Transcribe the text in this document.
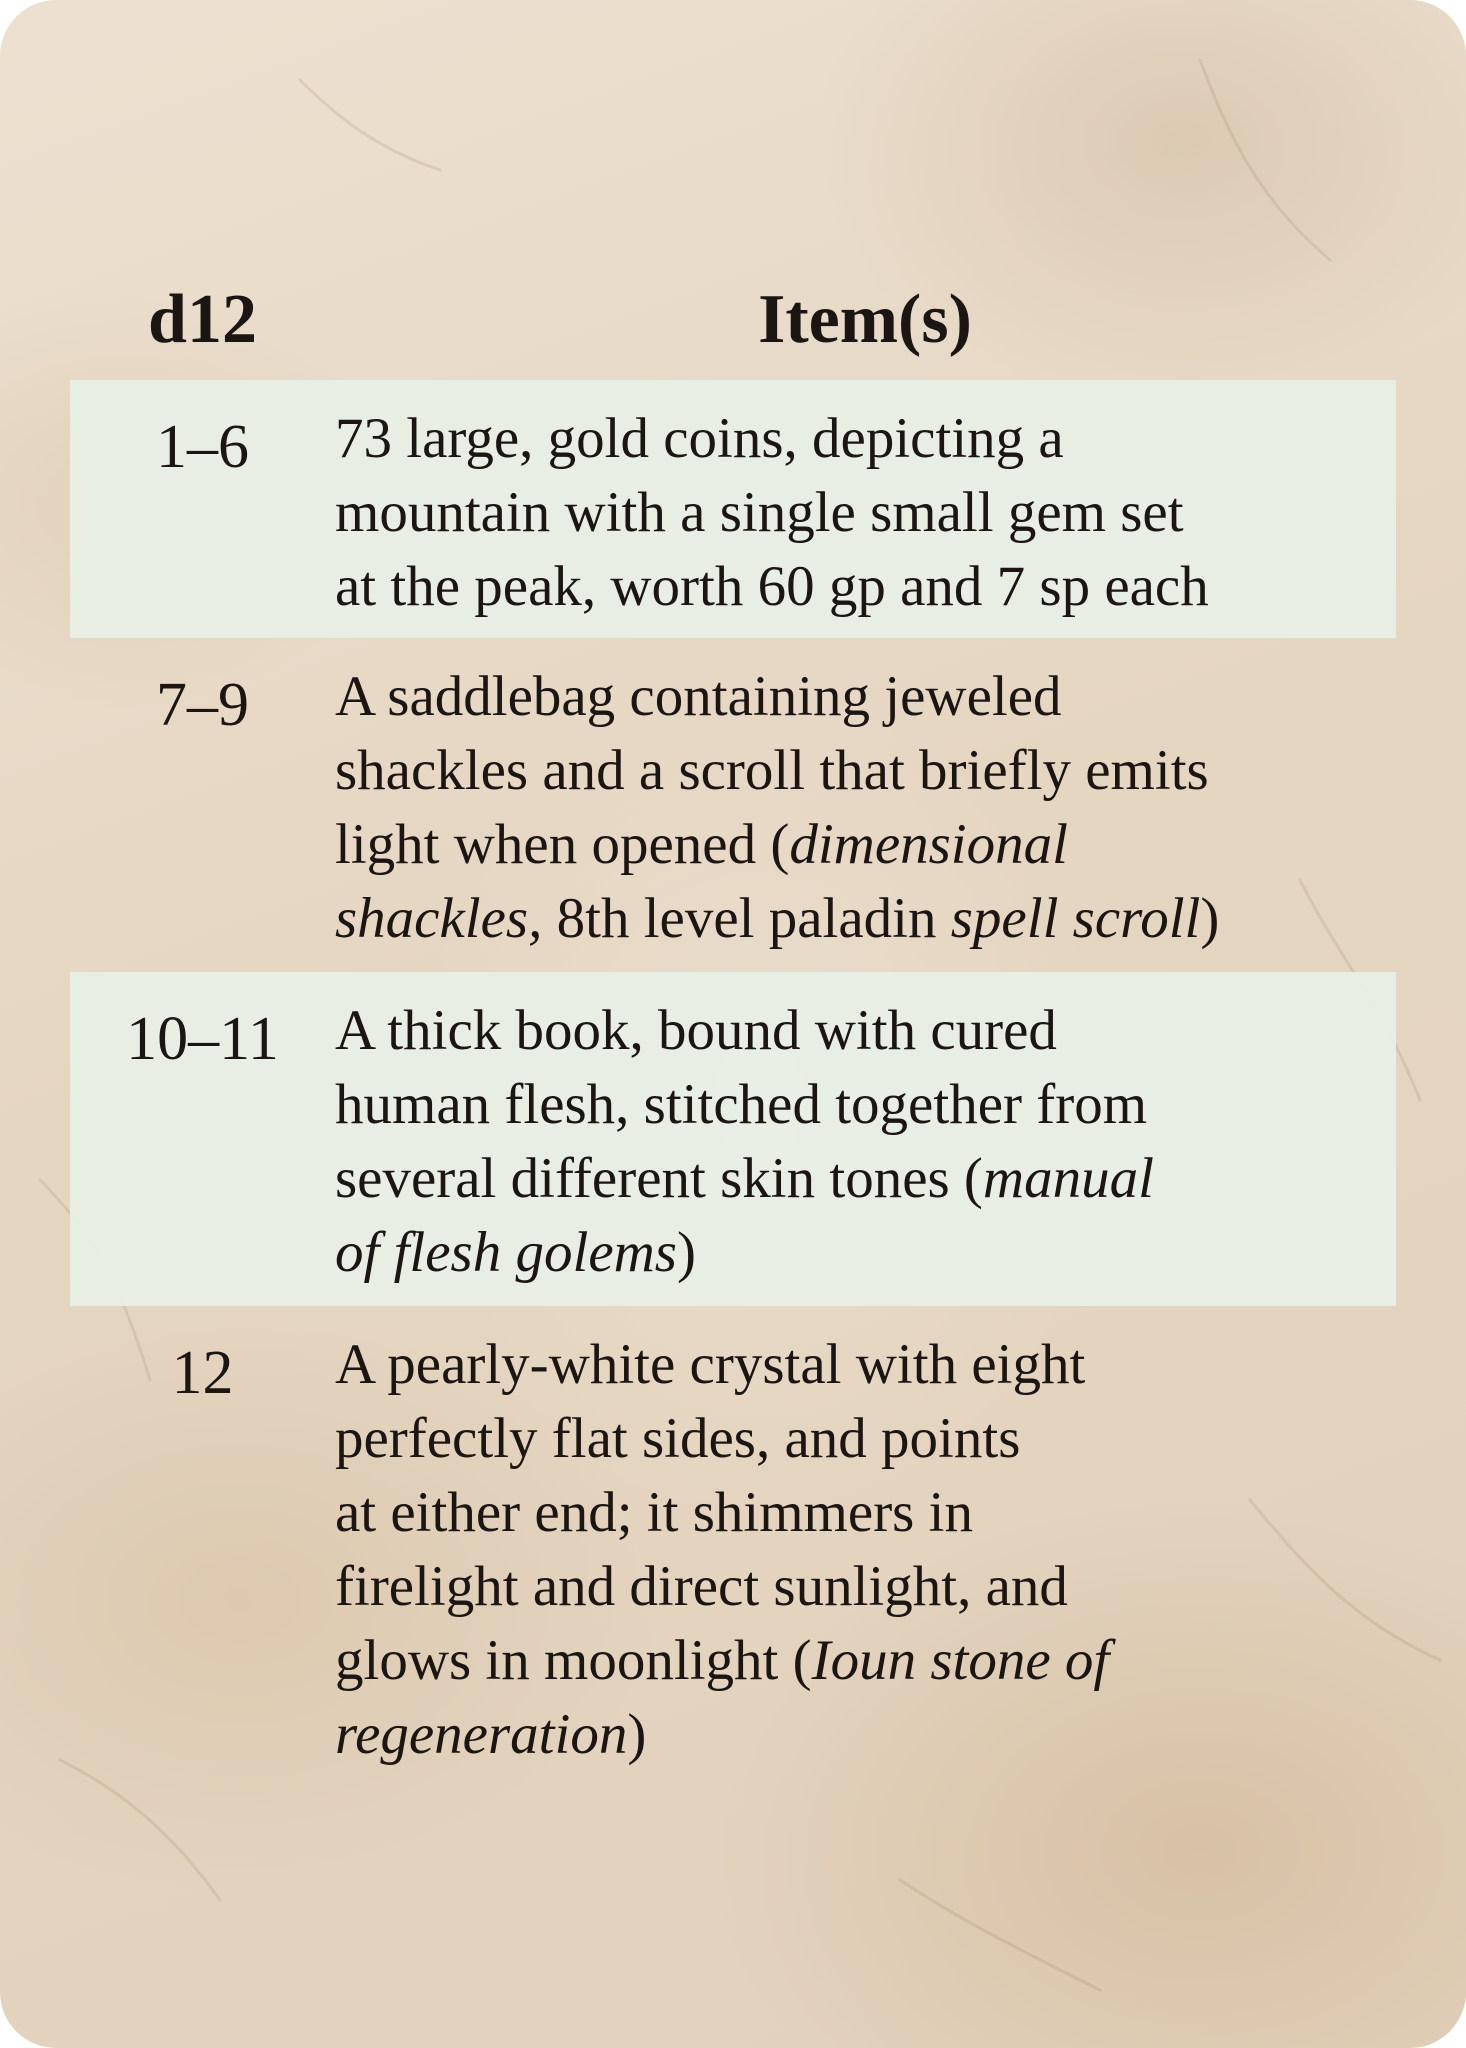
d12	Item(s)
1–6	73 large, gold coins, depicting a
mountain with a single small gem set
at the peak, worth 60 gp and 7 sp each
7–9	A saddlebag containing jeweled
shackles and a scroll that briefly emits
light when opened (dimensional
shackles, 8th level paladin spell scroll)
10–11 A thick book, bound with cured
human flesh, stitched together from
several different skin tones (manual
of flesh golems)
12	A pearly-white crystal with eight
perfectly flat sides, and points
at either end; it shimmers in
firelight and direct sunlight, and
glows in moonlight (Ioun stone of
regeneration)
